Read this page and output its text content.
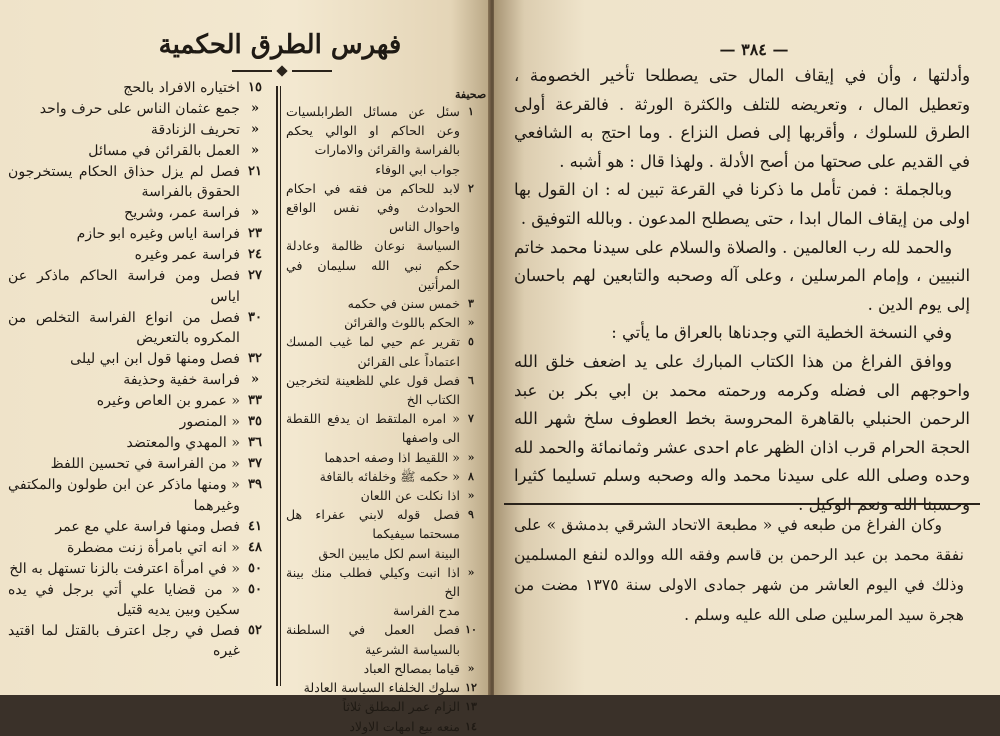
فهرس الطرق الحكمية
صحيفة
١
سئل عن مسائل الطرابلسيات وعن الحاكم او الوالي يحكم بالفراسة والقرائن والامارات
جواب ابي الوفاء
٢
لابد للحاكم من فقه في احكام الحوادث وفي نفس الواقع واحوال الناس
السياسة نوعان ظالمة وعادلة حكم نبي الله سليمان في المرأتين
٣
خمس سنن في حكمه
«
الحكم باللوث والقرائن
٥
تقرير عم حيي لما غيب المسك اعتماداً على القرائن
٦
فصل قول علي للظعينة لتخرجين الكتاب الخ
٧
« امره الملتقط ان يدفع اللقطة الى واصفها
«
« اللقيط اذا وصفه احدهما
٨
« حكمه ﷺ وخلفائه بالقافة
«
اذا نكلت عن اللعان
٩
فصل قوله لابني عفراء هل مسحتما سيفيكما
البينة اسم لكل مايبين الحق
«
اذا انبت وكيلي فطلب منك بينة الخ
مدح الفراسة
١٠
فصل العمل في السلطنة بالسياسة الشرعية
«
قياما بمصالح العباد
١٢
سلوك الخلفاء السياسة العادلة
١٣
الزام عمر المطلق ثلاثاً
١٤
منعه بيع امهات الاولاد
١٥
اختياره الافراد بالحج
«
جمع عثمان الناس على حرف واحد
«
تحريف الزنادقة
«
العمل بالقرائن في مسائل
٢١
فصل لم يزل حذاق الحكام يستخرجون الحقوق بالفراسة
«
فراسة عمر، وشريح
٢٣
فراسة اياس وغيره ابو حازم
٢٤
فراسة عمر وغيره
٢٧
فصل ومن فراسة الحاكم ماذكر عن اياس
٣٠
فصل من انواع الفراسة التخلص من المكروه بالتعريض
٣٢
فصل ومنها قول ابن ابي ليلى
«
فراسة خفية وحذيفة
٣٣
« عمرو بن العاص وغيره
٣٥
« المنصور
٣٦
« المهدي والمعتضد
٣٧
« من الفراسة في تحسين اللفظ
٣٩
« ومنها ماذكر عن ابن طولون والمكتفي وغيرهما
٤١
فصل ومنها فراسة علي مع عمر
٤٨
« انه اتي بامرأة زنت مضطرة
٥٠
« في امرأة اعترفت بالزنا تستهل به الخ
٥٠
« من قضايا علي أتي برجل في يده سكين وبين يديه قتيل
٥٢
فصل في رجل اعترف بالقتل لما اقتيد غيره
— ٣٨٤ —

وأدلتها ، وأن في إيقاف المال حتى يصطلحا تأخير الخصومة ، وتعطيل المال ، وتعريضه للتلف والكثرة الورثة . فالقرعة أولى الطرق للسلوك ، وأقربها إلى فصل النزاع . وما احتج به الشافعي في القديم على صحتها من أصح الأدلة . ولهذا قال : هو أشبه .

وبالجملة : فمن تأمل ما ذكرنا في القرعة تبين له : ان القول بها اولى من إيقاف المال ابدا ، حتى يصطلح المدعون . وبالله التوفيق .

والحمد لله رب العالمين . والصلاة والسلام على سيدنا محمد خاتم النبيين ، وإمام المرسلين ، وعلى آله وصحبه والتابعين لهم باحسان إلى يوم الدين .

وفي النسخة الخطية التي وجدناها بالعراق ما يأتي :

ووافق الفراغ من هذا الكتاب المبارك على يد اضعف خلق الله واحوجهم الى فضله وكرمه ورحمته محمد بن ابي بكر بن عبد الرحمن الحنبلي بالقاهرة المحروسة بخط العطوف سلخ شهر الله الحجة الحرام قرب اذان الظهر عام احدى عشر وثمانمائة والحمد لله وحده وصلى الله على سيدنا محمد واله وصحبه وسلم تسليما كثيرا

وكان الفراغ من طبعه في « مطبعة الاتحاد الشرقي بدمشق » على نفقة محمد بن عبد الرحمن بن قاسم وفقه الله ووالده لنفع المسلمين وذلك في اليوم العاشر من شهر جمادى الاولى سنة ١٣٧٥ مضت من هجرة سيد المرسلين صلى الله عليه وسلم .
